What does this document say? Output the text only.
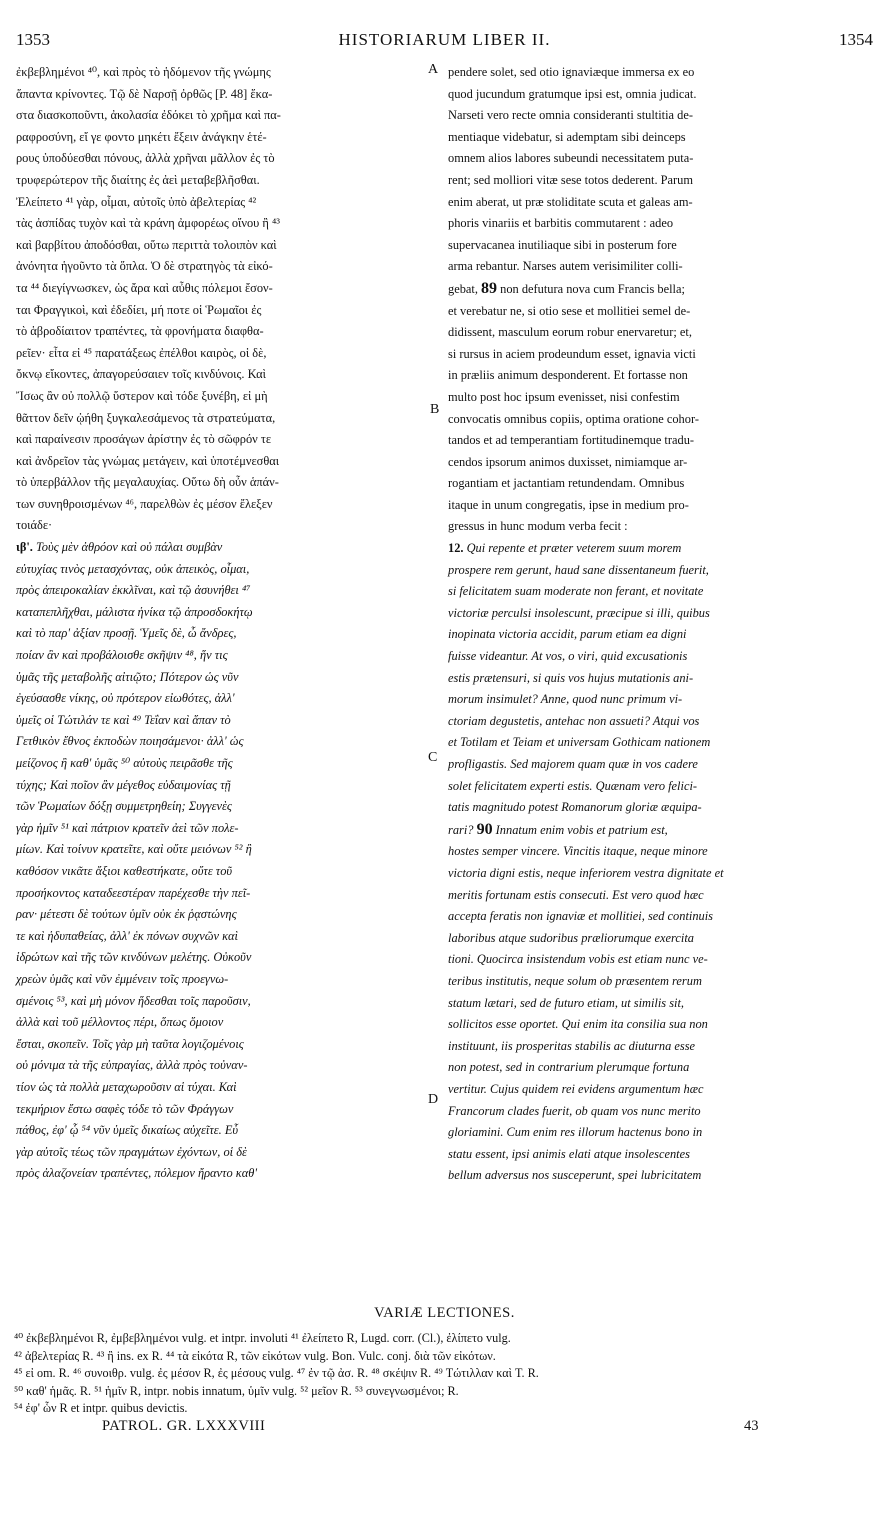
1353	HISTORIARUM LIBER II.	1354

ἐκβεβλημένοι ⁴⁰, καὶ πρὸς τὸ ἡδόμενον τῆς γνώμης

ἅπαντα κρίνοντες. Τῷ δὲ Ναρσῇ ὀρθῶς [P. 48] ἕκα-

στα διασκοποῦντι, ἀκολασία ἐδόκει τὸ χρῆμα καὶ πα-

ραφροσύνη, εἴ γε φοντο μηκέτι ἔξειν ἀνάγκην ἑτέ-

ρους ὑποδύεσθαι πόνους, ἀλλὰ χρῆναι μᾶλλον ἐς τὸ

τρυφερώτερον τῆς διαίτης ἐς ἀεὶ μεταβεβλῆσθαι.

Ἐλείπετο ⁴¹ γὰρ, οἶμαι, αὐτοῖς ὑπὸ ἀβελτερίας ⁴²

τὰς ἀσπίδας τυχὸν καὶ τὰ κράνη ἀμφορέως οἴνου ἢ ⁴³

καὶ βαρβίτου ἀποδόσθαι, οὕτω περιττὰ τολοιπὸν καὶ

ἀνόνητα ἡγοῦντο τὰ ὅπλα. Ὁ δὲ στρατηγὸς τὰ εἰκό-

τα ⁴⁴ διεγίγνωσκεν, ὡς ἄρα καὶ αὖθις πόλεμοι ἔσον-

ται Φραγγικοὶ, καὶ ἐδεδίει, μή ποτε οἱ Ῥωμαῖοι ἐς

τὸ ἁβροδίαιτον τραπέντες, τὰ φρονήματα διαφθα-

ρεῖεν· εἶτα εἰ ⁴⁵ παρατάξεως ἐπέλθοι καιρὸς, οἱ δὲ,

ὄκνῳ εἴκοντες, ἀπαγορεύσαιεν τοῖς κινδύνοις. Καὶ

Ἴσως ἂν οὐ πολλῷ ὕστερον καὶ τόδε ξυνέβη, εἰ μὴ

θᾶττον δεῖν ᾠήθη ξυγκαλεσάμενος τὰ στρατεύματα,

καὶ παραίνεσιν προσάγων ἀρίστην ἐς τὸ σῶφρόν τε

καὶ ἀνδρεῖον τὰς γνώμας μετάγειν, καὶ ὑποτέμνεσθαι

τὸ ὑπερβάλλον τῆς μεγαλαυχίας. Οὕτω δὴ οὖν ἁπάν-

των συνηθροισμένων ⁴⁶, παρελθὼν ἐς μέσον ἔλεξεν

τοιάδε·

ιβ'. Τοὺς μὲν ἀθρόον καὶ οὐ πάλαι συμβὰν

εὐτυχίας τινὸς μετασχόντας, οὐκ ἀπεικὸς, οἶμαι,

πρὸς ἀπειροκαλίαν ἐκκλῖναι, καὶ τῷ ἀσυνήθει ⁴⁷

καταπεπλῆχθαι, μάλιστα ἡνίκα τῷ ἀπροσδοκήτῳ

καὶ τὸ παρ' ἀξίαν προσῇ. Ὑμεῖς δὲ, ὦ ἄνδρες,

ποίαν ἂν καὶ προβάλοισθε σκῆψιν ⁴⁸, ἥν τις

ὑμᾶς τῆς μεταβολῆς αἰτιῷτο; Πότερον ὡς νῦν

ἐγεύσασθε νίκης, οὐ πρότερον εἰωθότες, ἀλλ'

ὑμεῖς οἱ Τώτιλάν τε καὶ ⁴⁹ Τεΐαν καὶ ἅπαν τὸ

Γετθικὸν ἔθνος ἐκποδὼν ποιησάμενοι· ἀλλ' ὡς

μείζονος ἢ καθ' ὑμᾶς ⁵⁰ αὐτοὺς πειρᾶσθε τῆς

τύχης; Καὶ ποῖον ἂν μέγεθος εὐδαιμονίας τῇ

τῶν Ῥωμαίων δόξῃ συμμετρηθείη; Συγγενὲς

γὰρ ἡμῖν ⁵¹ καὶ πάτριον κρατεῖν ἀεὶ τῶν πολε-

μίων. Καὶ τοίνυν κρατεῖτε, καὶ οὔτε μειόνων ⁵² ἢ

καθόσον νικᾶτε ἄξιοι καθεστήκατε, οὔτε τοῦ

προσήκοντος καταδεεστέραν παρέχεσθε τὴν πεῖ-

ραν· μέτεστι δὲ τούτων ὑμῖν οὐκ ἐκ ῥᾳστώνης

τε καὶ ἡδυπαθείας, ἀλλ' ἐκ πόνων συχνῶν καὶ

ἱδρώτων καὶ τῆς τῶν κινδύνων μελέτης. Οὐκοῦν

χρεὼν ὑμᾶς καὶ νῦν ἐμμένειν τοῖς προεγνω-

σμένοις ⁵³, καὶ μὴ μόνον ἥδεσθαι τοῖς παροῦσιν,

ἀλλὰ καὶ τοῦ μέλλοντος πέρι, ὅπως ὅμοιον

ἔσται, σκοπεῖν. Τοῖς γὰρ μὴ ταῦτα λογιζομένοις

οὐ μόνιμα τὰ τῆς εὐπραγίας, ἀλλὰ πρὸς τοὐναν-

τίον ὡς τὰ πολλὰ μεταχωροῦσιν αἱ τύχαι. Καὶ

τεκμήριον ἔστω σαφὲς τόδε τὸ τῶν Φράγγων

πάθος, ἐφ' ᾧ ⁵⁴ νῦν ὑμεῖς δικαίως αὐχεῖτε. Εὖ

γὰρ αὐτοῖς τέως τῶν πραγμάτων ἐχόντων, οἱ δὲ

πρὸς ἀλαζονείαν τραπέντες, πόλεμον ἤραντο καθ'

pendere solet, sed otio ignaviæque immersa ex eo

quod jucundum gratumque ipsi est, omnia judicat.

Narseti vero recte omnia consideranti stultitia de-

mentiaque videbatur, si ademptam sibi deinceps

omnem alios labores subeundi necessitatem puta-

rent; sed molliori vitæ sese totos dederent. Parum

enim aberat, ut præ stoliditate scuta et galeas am-

phoris vinariis et barbitis commutarent : adeo

supervacanea inutiliaque sibi in posterum fore

arma rebantur. Narses autem verisimiliter colli-

gebat, 89 non defutura nova cum Francis bella;

et verebatur ne, si otio sese et mollitiei semel de-

didissent, masculum eorum robur enervaretur; et,

si rursus in aciem prodeundum esset, ignavia victi

in præliis animum desponderent. Et fortasse non

multo post hoc ipsum evenisset, nisi confestim

convocatis omnibus copiis, optima oratione cohor-

tandos et ad temperantiam fortitudinemque tradu-

cendos ipsorum animos duxisset, nimiamque ar-

rogantiam et jactantiam retundendam. Omnibus

itaque in unum congregatis, ipse in medium pro-

gressus in hunc modum verba fecit :

12. Qui repente et præter veterem suum morem

prospere rem gerunt, haud sane dissentaneum fuerit,

si felicitatem suam moderate non ferant, et novitate

victoriæ perculsi insolescunt, præcipue si illi, quibus

inopinata victoria accidit, parum etiam ea digni

fuisse videantur. At vos, o viri, quid excusationis

estis prætensuri, si quis vos hujus mutationis ani-

morum insimulet? Anne, quod nunc primum vi-

ctoriam degustetis, antehac non assueti? Atqui vos

et Totilam et Teiam et universam Gothicam nationem

profligastis. Sed majorem quam quæ in vos cadere

solet felicitatem experti estis. Quænam vero felici-

tatis magnitudo potest Romanorum gloriæ æquipa-

rari? 90 Innatum enim vobis et patrium est,

hostes semper vincere. Vincitis itaque, neque minore

victoria digni estis, neque inferiorem vestra dignitate et

meritis fortunam estis consecuti. Est vero quod hæc

accepta feratis non ignaviæ et mollitiei, sed continuis

laboribus atque sudoribus præliorumque exercita

tioni. Quocirca insistendum vobis est etiam nunc ve-

teribus institutis, neque solum ob præsentem rerum

statum lætari, sed de futuro etiam, ut similis sit,

sollicitos esse oportet. Qui enim ita consilia sua non

instituunt, iis prosperitas stabilis ac diuturna esse

non potest, sed in contrarium plerumque fortuna

vertitur. Cujus quidem rei evidens argumentum hæc

Francorum clades fuerit, ob quam vos nunc merito

gloriamini. Cum enim res illorum hactenus bono in

statu essent, ipsi animis elati atque insolescentes

bellum adversus nos susceperunt, spei lubricitatem

A
B
C
D
VARIÆ LECTIONES.

⁴⁰ ἐκβεβλημένοι R, ἐμβεβλημένοι vulg. et intpr. involuti ⁴¹ ἐλείπετο R, Lugd. corr. (Cl.), ἐλίπετο vulg.

⁴² ἀβελτερίας R. ⁴³ ἢ ins. ex R. ⁴⁴ τὰ εἰκότα R, τῶν εἰκότων vulg. Bon. Vulc. conj. διὰ τῶν εἰκότων.

⁴⁵ εἰ om. R. ⁴⁶ συνοιθρ. vulg. ἐς μέσον R, ἐς μέσους vulg. ⁴⁷ ἐν τῷ ἀσ. R. ⁴⁸ σκέψιν R. ⁴⁹ Τώτιλλαν καὶ T. R.

⁵⁰ καθ' ἡμᾶς. R. ⁵¹ ἡμῖν R, intpr. nobis innatum, ὑμῖν vulg. ⁵² μεῖον R. ⁵³ συνεγνωσμένοι; R.

⁵⁴ ἐφ' ὧν R et intpr. quibus devictis.

PATROL. GR. LXXXVIII	43
